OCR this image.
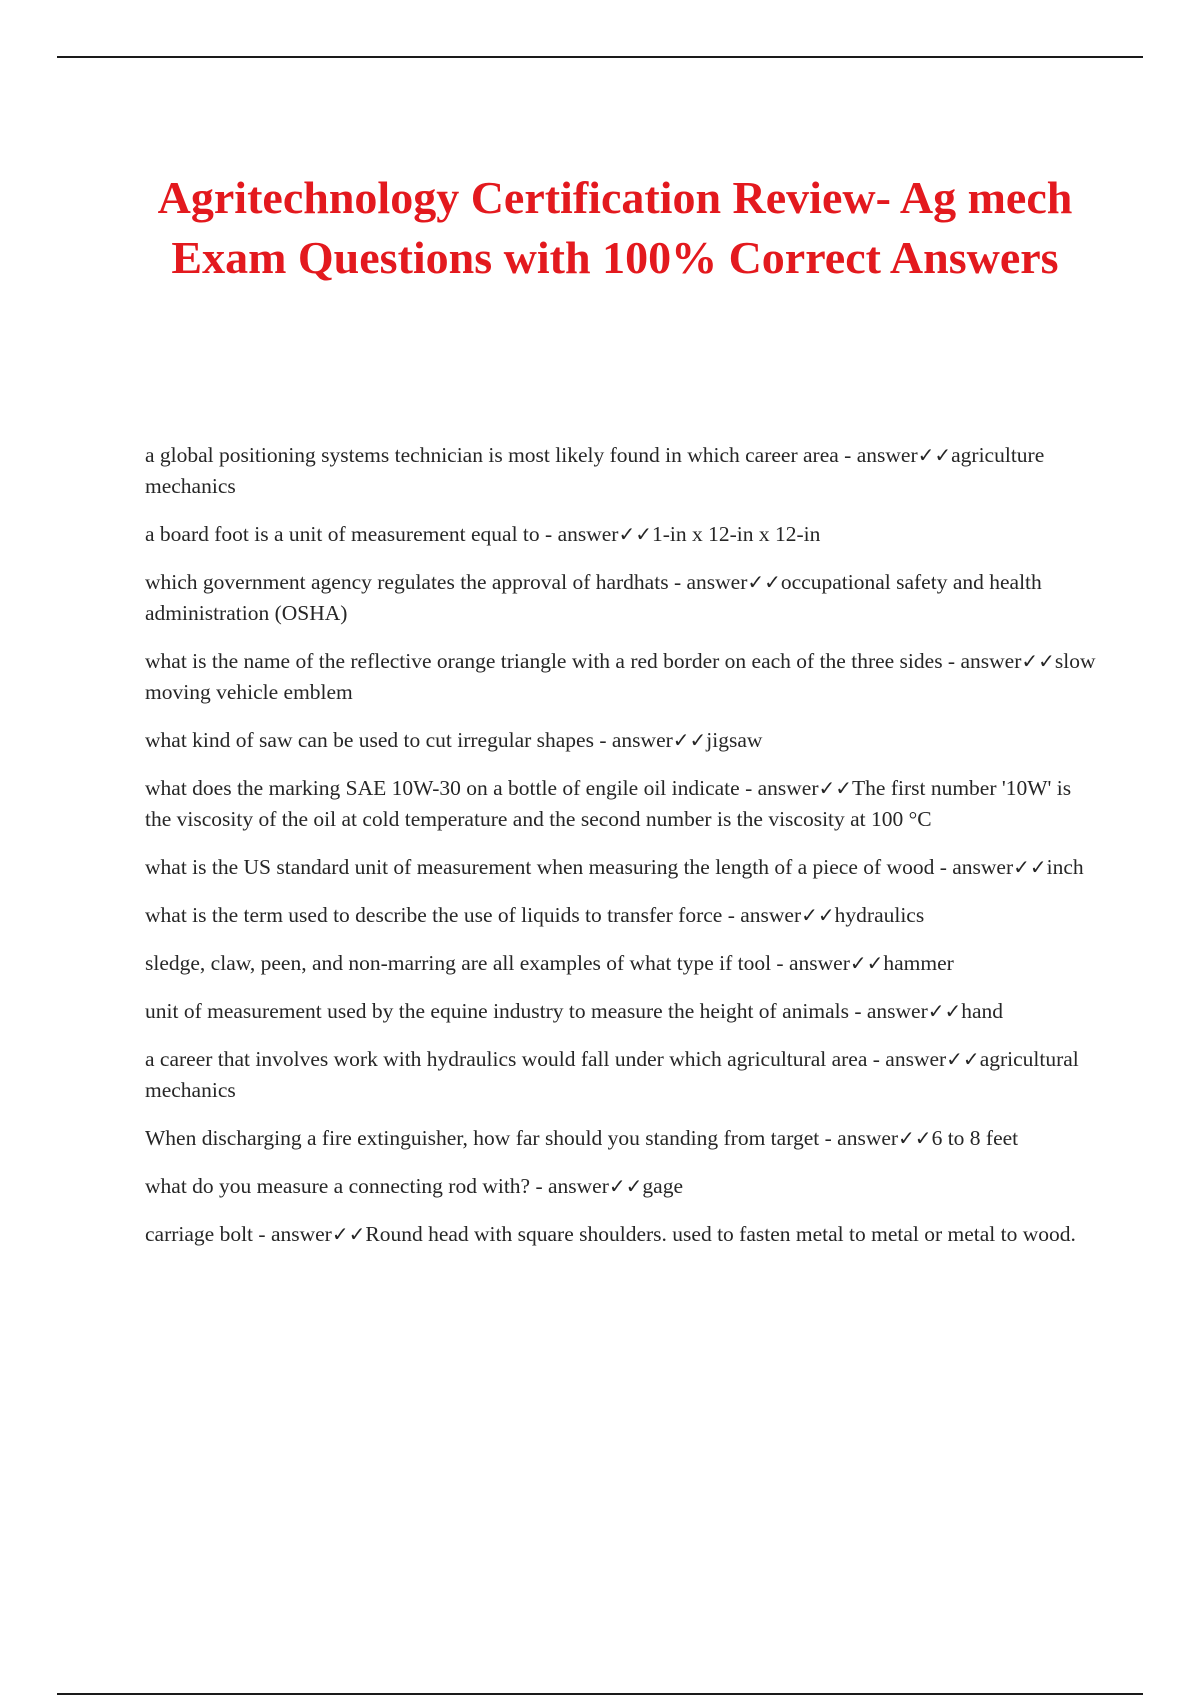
Agritechnology Certification Review- Ag mech Exam Questions with 100% Correct Answers
a global positioning systems technician is most likely found in which career area - answer✓✓agriculture mechanics
a board foot is a unit of measurement equal to - answer✓✓1-in x 12-in x 12-in
which government agency regulates the approval of hardhats - answer✓✓occupational safety and health administration (OSHA)
what is the name of the reflective orange triangle with a red border on each of the three sides - answer✓✓slow moving vehicle emblem
what kind of saw can be used to cut irregular shapes - answer✓✓jigsaw
what does the marking SAE 10W-30 on a bottle of engile oil indicate - answer✓✓The first number '10W' is the viscosity of the oil at cold temperature and the second number is the viscosity at 100 °C
what is the US standard unit of measurement when measuring the length of a piece of wood - answer✓✓inch
what is the term used to describe the use of liquids to transfer force - answer✓✓hydraulics
sledge, claw, peen, and non-marring are all examples of what type if tool - answer✓✓hammer
unit of measurement used by the equine industry to measure the height of animals - answer✓✓hand
a career that involves work with hydraulics would fall under which agricultural area - answer✓✓agricultural mechanics
When discharging a fire extinguisher, how far should you standing from target - answer✓✓6 to 8 feet
what do you measure a connecting rod with? - answer✓✓gage
carriage bolt - answer✓✓Round head with square shoulders. used to fasten metal to metal or metal to wood.
